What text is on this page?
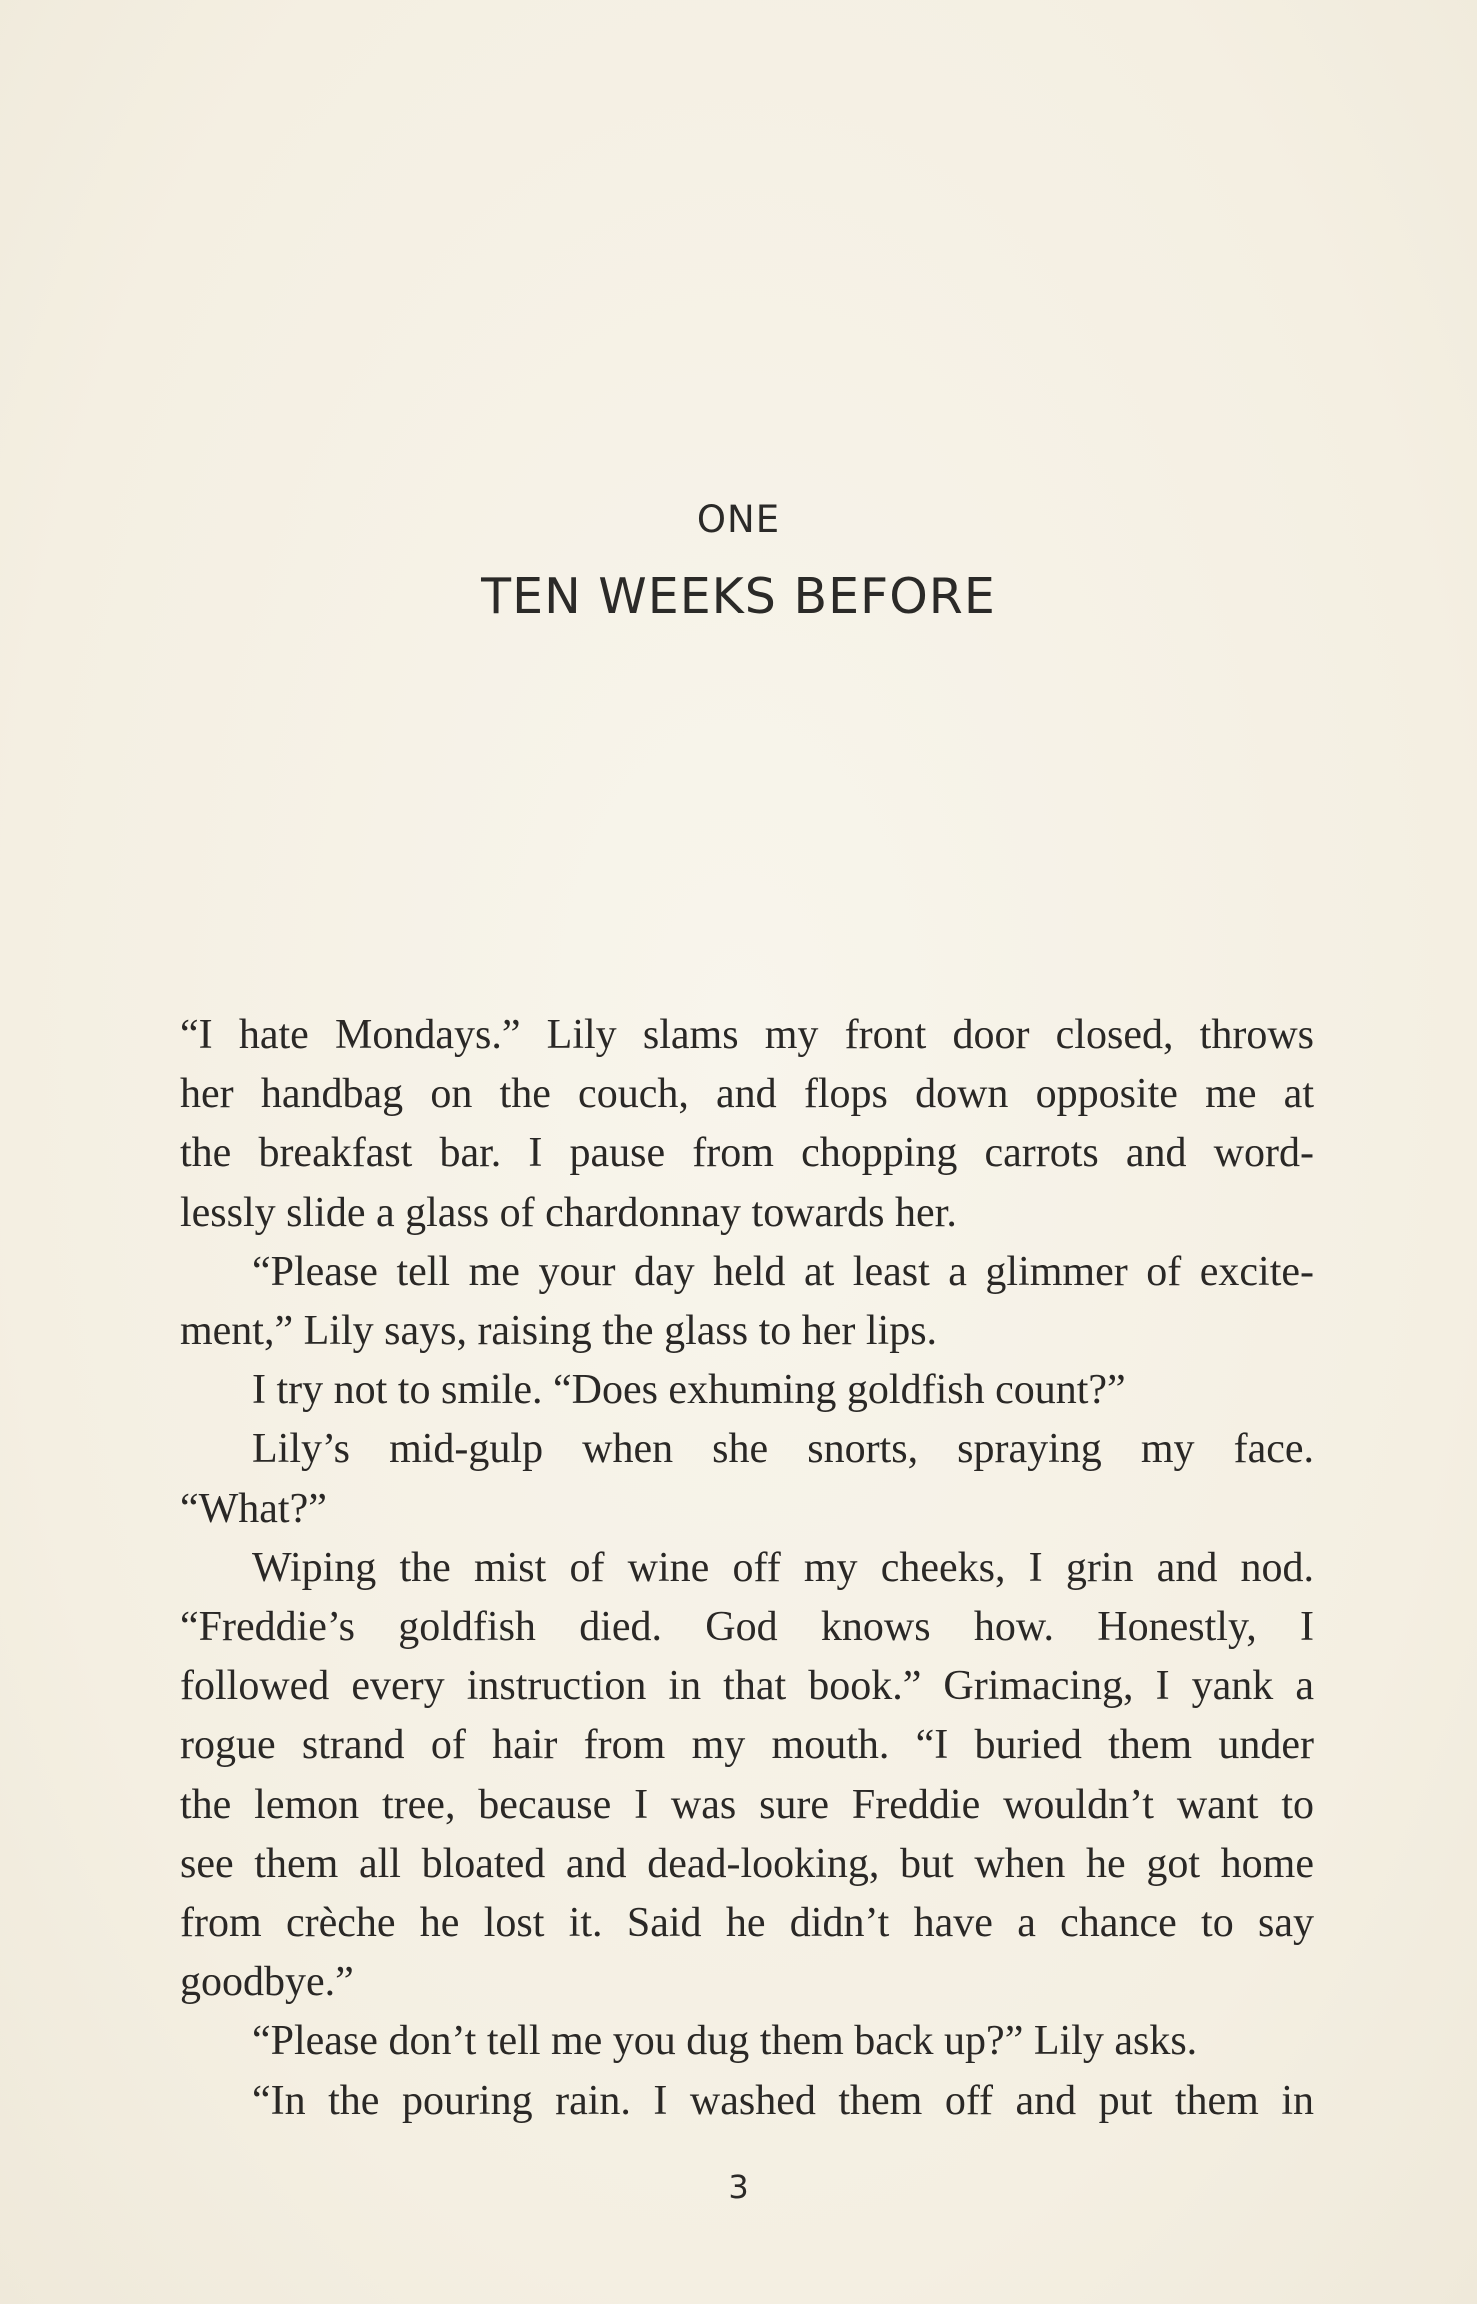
ONE
TEN WEEKS BEFORE
“I hate Mondays.” Lily slams my front door closed, throws
her handbag on the couch, and flops down opposite me at
the breakfast bar. I pause from chopping carrots and word-
lessly slide a glass of chardonnay towards her.
“Please tell me your day held at least a glimmer of excite-
ment,” Lily says, raising the glass to her lips.
I try not to smile. “Does exhuming goldfish count?”
Lily’s mid-gulp when she snorts, spraying my face.
“What?”
Wiping the mist of wine off my cheeks, I grin and nod.
“Freddie’s goldfish died. God knows how. Honestly, I
followed every instruction in that book.” Grimacing, I yank a
rogue strand of hair from my mouth. “I buried them under
the lemon tree, because I was sure Freddie wouldn’t want to
see them all bloated and dead-looking, but when he got home
from crèche he lost it. Said he didn’t have a chance to say
goodbye.”
“Please don’t tell me you dug them back up?” Lily asks.
“In the pouring rain. I washed them off and put them in
3
